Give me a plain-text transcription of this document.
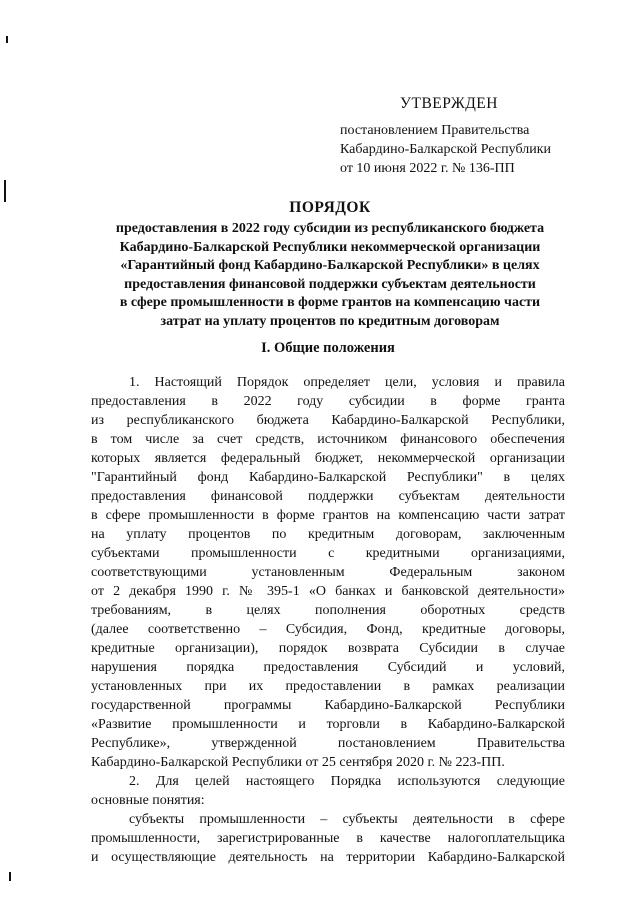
УТВЕРЖДЕН
постановлением Правительства
Кабардино-Балкарской Республики
от 10 июня 2022 г. № 136-ПП
ПОРЯДОК
предоставления в 2022 году субсидии из республиканского бюджета
Кабардино-Балкарской Республики некоммерческой организации
«Гарантийный фонд Кабардино-Балкарской Республики» в целях
предоставления финансовой поддержки субъектам деятельности
в сфере промышленности в форме грантов на компенсацию части
затрат на уплату процентов по кредитным договорам
I. Общие положения
1. Настоящий Порядок определяет цели, условия и правила
предоставления в 2022 году субсидии в форме гранта
из республиканского бюджета Кабардино-Балкарской Республики,
в том числе за счет средств, источником финансового обеспечения
которых является федеральный бюджет, некоммерческой организации
"Гарантийный фонд Кабардино-Балкарской Республики" в целях
предоставления финансовой поддержки субъектам деятельности
в сфере промышленности в форме грантов на компенсацию части затрат
на уплату процентов по кредитным договорам, заключенным
субъектами промышленности с кредитными организациями,
соответствующими установленным Федеральным законом
от 2 декабря 1990 г. № 395-1 «О банках и банковской деятельности»
требованиям, в целях пополнения оборотных средств
(далее соответственно – Субсидия, Фонд, кредитные договоры,
кредитные организации), порядок возврата Субсидии в случае
нарушения порядка предоставления Субсидий и условий,
установленных при их предоставлении в рамках реализации
государственной программы Кабардино-Балкарской Республики
«Развитие промышленности и торговли в Кабардино-Балкарской
Республике», утвержденной постановлением Правительства
Кабардино-Балкарской Республики от 25 сентября 2020 г. № 223-ПП.
2. Для целей настоящего Порядка используются следующие
основные понятия:
субъекты промышленности – субъекты деятельности в сфере
промышленности, зарегистрированные в качестве налогоплательщика
и осуществляющие деятельность на территории Кабардино-Балкарской
